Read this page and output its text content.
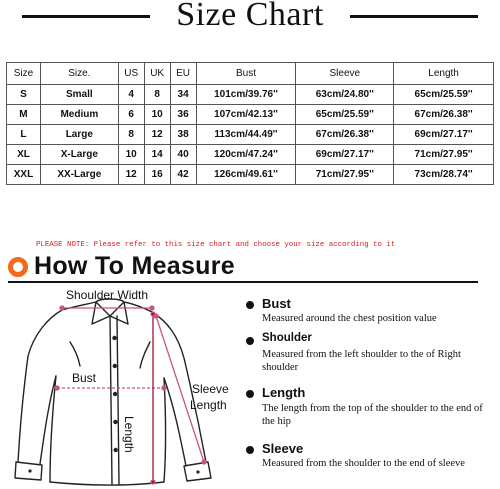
Size Chart
Size	Size.	US	UK	EU	Bust	Sleeve	Length
S	Small	4	8	34	101cm/39.76''	63cm/24.80''	65cm/25.59''
M	Medium	6	10	36	107cm/42.13''	65cm/25.59''	67cm/26.38''
L	Large	8	12	38	113cm/44.49''	67cm/26.38''	69cm/27.17''
XL	X-Large	10	14	40	120cm/47.24''	69cm/27.17''	71cm/27.95''
XXL	XX-Large	12	16	42	126cm/49.61''	71cm/27.95''	73cm/28.74''
PLEASE NOTE: Please refer to this size chart and choose your size according to it
How To Measure
Shoulder Width
Bust
Length
Sleeve
Length
Bust
Measured around the chest position value
Shoulder
Measured from the left shoulder to the of Right shoulder
Length
The length from the top of the shoulder to the end of the hip
Sleeve
Measured from the shoulder to the end of sleeve
